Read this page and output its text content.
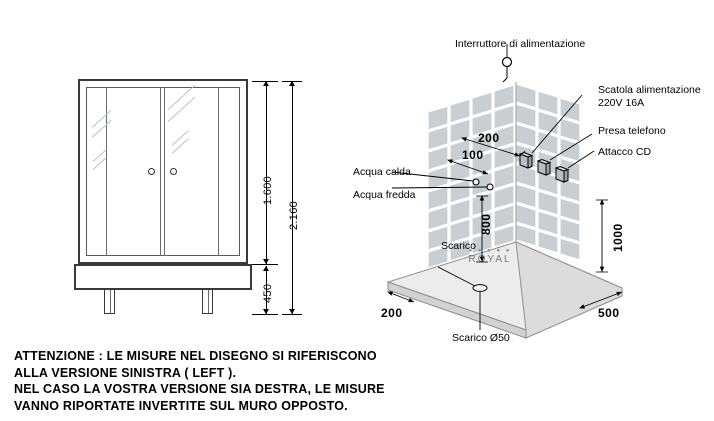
1.600
2.160
450
● ● ● ● ●
ROYAL
Interruttore di alimentazione
Scatola alimentazione
220V 16A
Presa telefono
Attacco CD
Acqua calda
Acqua fredda
Scarico
Scarico Ø50
200
100
800	1000
200	500
ATTENZIONE : LE MISURE NEL DISEGNO SI RIFERISCONO
ALLA VERSIONE SINISTRA ( LEFT ).
NEL CASO LA VOSTRA VERSIONE SIA DESTRA, LE MISURE
VANNO RIPORTATE INVERTITE SUL MURO OPPOSTO.
